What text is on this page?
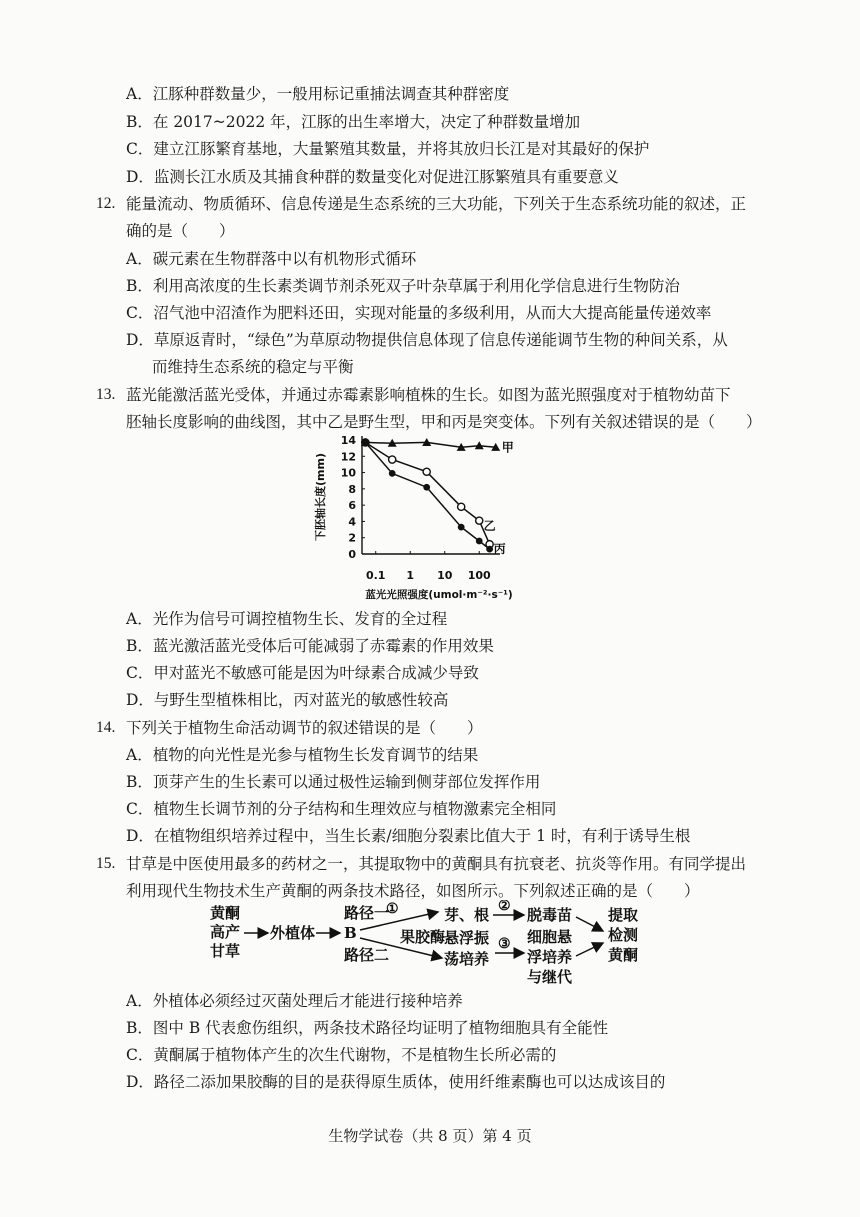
A．江豚种群数量少，一般用标记重捕法调查其种群密度
B．在 2017~2022 年，江豚的出生率增大，决定了种群数量增加
C．建立江豚繁育基地，大量繁殖其数量，并将其放归长江是对其最好的保护
D．监测长江水质及其捕食种群的数量变化对促进江豚繁殖具有重要意义
12. 能量流动、物质循环、信息传递是生态系统的三大功能，下列关于生态系统功能的叙述，正
确的是（　　）
A．碳元素在生物群落中以有机物形式循环
B．利用高浓度的生长素类调节剂杀死双子叶杂草属于利用化学信息进行生物防治
C．沼气池中沼渣作为肥料还田，实现对能量的多级利用，从而大大提高能量传递效率
D．草原返青时，“绿色”为草原动物提供信息体现了信息传递能调节生物的种间关系，从
而维持生态系统的稳定与平衡
13. 蓝光能激活蓝光受体，并通过赤霉素影响植株的生长。如图为蓝光照强度对于植物幼苗下
胚轴长度影响的曲线图，其中乙是野生型，甲和丙是突变体。下列有关叙述错误的是（　　）
0
2
4
6
8
10
12
14
0.1 1 10 100
蓝光光照强度(umol·m⁻²·s⁻¹)
下胚轴长度(mm)
甲
乙
丙
A．光作为信号可调控植物生长、发育的全过程
B．蓝光激活蓝光受体后可能减弱了赤霉素的作用效果
C．甲对蓝光不敏感可能是因为叶绿素合成减少导致
D．与野生型植株相比，丙对蓝光的敏感性较高
14. 下列关于植物生命活动调节的叙述错误的是（　　）
A．植物的向光性是光参与植物生长发育调节的结果
B．顶芽产生的生长素可以通过极性运输到侧芽部位发挥作用
C．植物生长调节剂的分子结构和生理效应与植物激素完全相同
D．在植物组织培养过程中，当生长素/细胞分裂素比值大于 1 时，有利于诱导生根
15. 甘草是中医使用最多的药材之一，其提取物中的黄酮具有抗衰老、抗炎等作用。有同学提出
利用现代生物技术生产黄酮的两条技术路径，如图所示。下列叙述正确的是（　　）
黄酮
高产
甘草
外植体
路径一
B
路径二
①
果胶酶
芽、根 ② 脱毒苗
悬浮振
荡培养
③ 细胞悬
浮培养
与继代
提取
检测
黄酮
A．外植体必须经过灭菌处理后才能进行接种培养
B．图中 B 代表愈伤组织，两条技术路径均证明了植物细胞具有全能性
C．黄酮属于植物体产生的次生代谢物，不是植物生长所必需的
D．路径二添加果胶酶的目的是获得原生质体，使用纤维素酶也可以达成该目的
生物学试卷（共 8 页）第 4 页
